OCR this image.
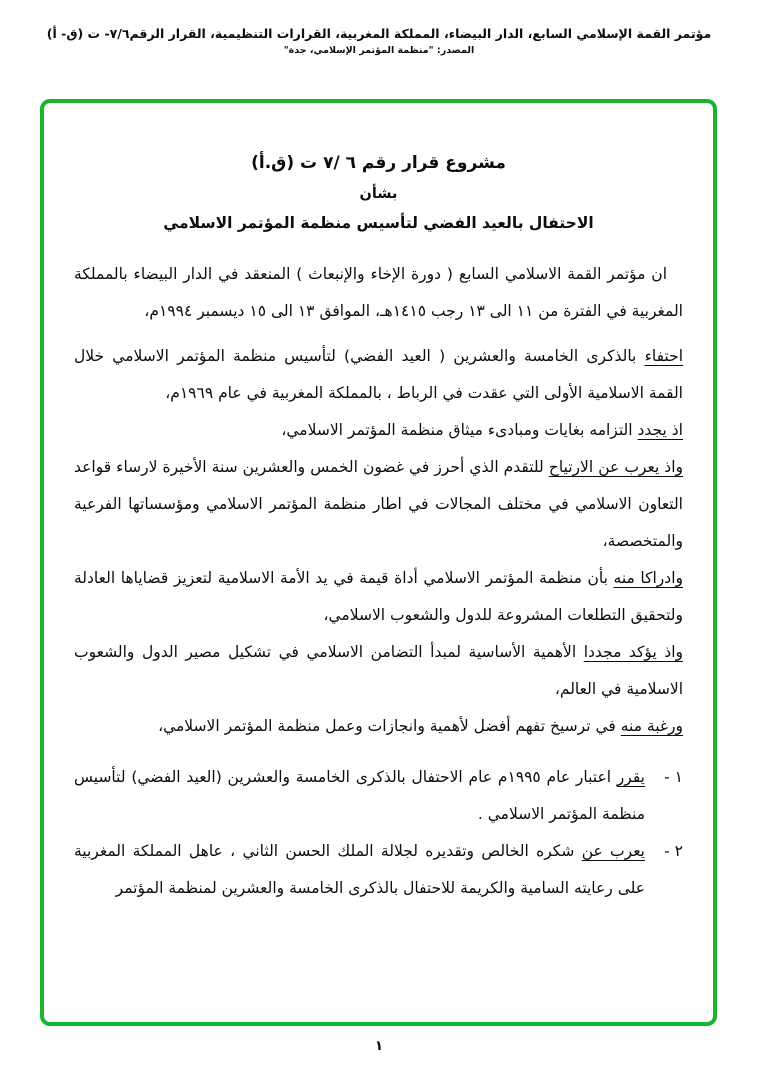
مؤتمر القمة الإسلامي السابع، الدار البيضاء، المملكة المغربية، القرارات التنظيمية، القرار الرقم٧/٦- ت (ق- أ)
المصدر: "منظمة المؤتمر الإسلامي، جدة"
مشروع قرار رقم ٦ /٧ ت (ق.أ)
بشأن
الاحتفال بالعيد الفضي لتأسيس منظمة المؤتمر الاسلامي

ان مؤتمر القمة الاسلامي السابع ( دورة الإخاء والإنبعاث ) المنعقد في الدار البيضاء بالمملكة المغربية في الفترة من ١١ الى ١٣ رجب ١٤١٥هـ، الموافق ١٣ الى ١٥ ديسمبر ١٩٩٤م،

احتفاء بالذكرى الخامسة والعشرين ( العيد الفضي) لتأسيس منظمة المؤتمر الاسلامي خلال القمة الاسلامية الأولى التي عقدت في الرباط ، بالمملكة المغربية في عام ١٩٦٩م،

اذ يجدد التزامه بغايات ومبادىء ميثاق منظمة المؤتمر الاسلامي،

واذ يعرب عن الارتياح للتقدم الذي أحرز في غضون الخمس والعشرين سنة الأخيرة لارساء قواعد التعاون الاسلامي في مختلف المجالات في اطار منظمة المؤتمر الاسلامي ومؤسساتها الفرعية والمتخصصة،

وادراكا منه بأن منظمة المؤتمر الاسلامي أداة قيمة في يد الأمة الاسلامية لتعزيز قضاياها العادلة ولتحقيق التطلعات المشروعة للدول والشعوب الاسلامي،

واذ يؤكد مجددا الأهمية الأساسية لمبدأ التضامن الاسلامي في تشكيل مصير الدول والشعوب الاسلامية في العالم،

ورغبة منه في ترسيخ تفهم أفضل لأهمية وانجازات وعمل منظمة المؤتمر الاسلامي،

١ -
يقرر اعتبار عام ١٩٩٥م عام الاحتفال بالذكرى الخامسة والعشرين (العيد الفضي) لتأسيس منظمة المؤتمر الاسلامي .
٢ -
يعرب عن شكره الخالص وتقديره لجلالة الملك الحسن الثاني ، عاهل المملكة المغربية على رعايته السامية والكريمة للاحتفال بالذكرى الخامسة والعشرين لمنظمة المؤتمر
١
